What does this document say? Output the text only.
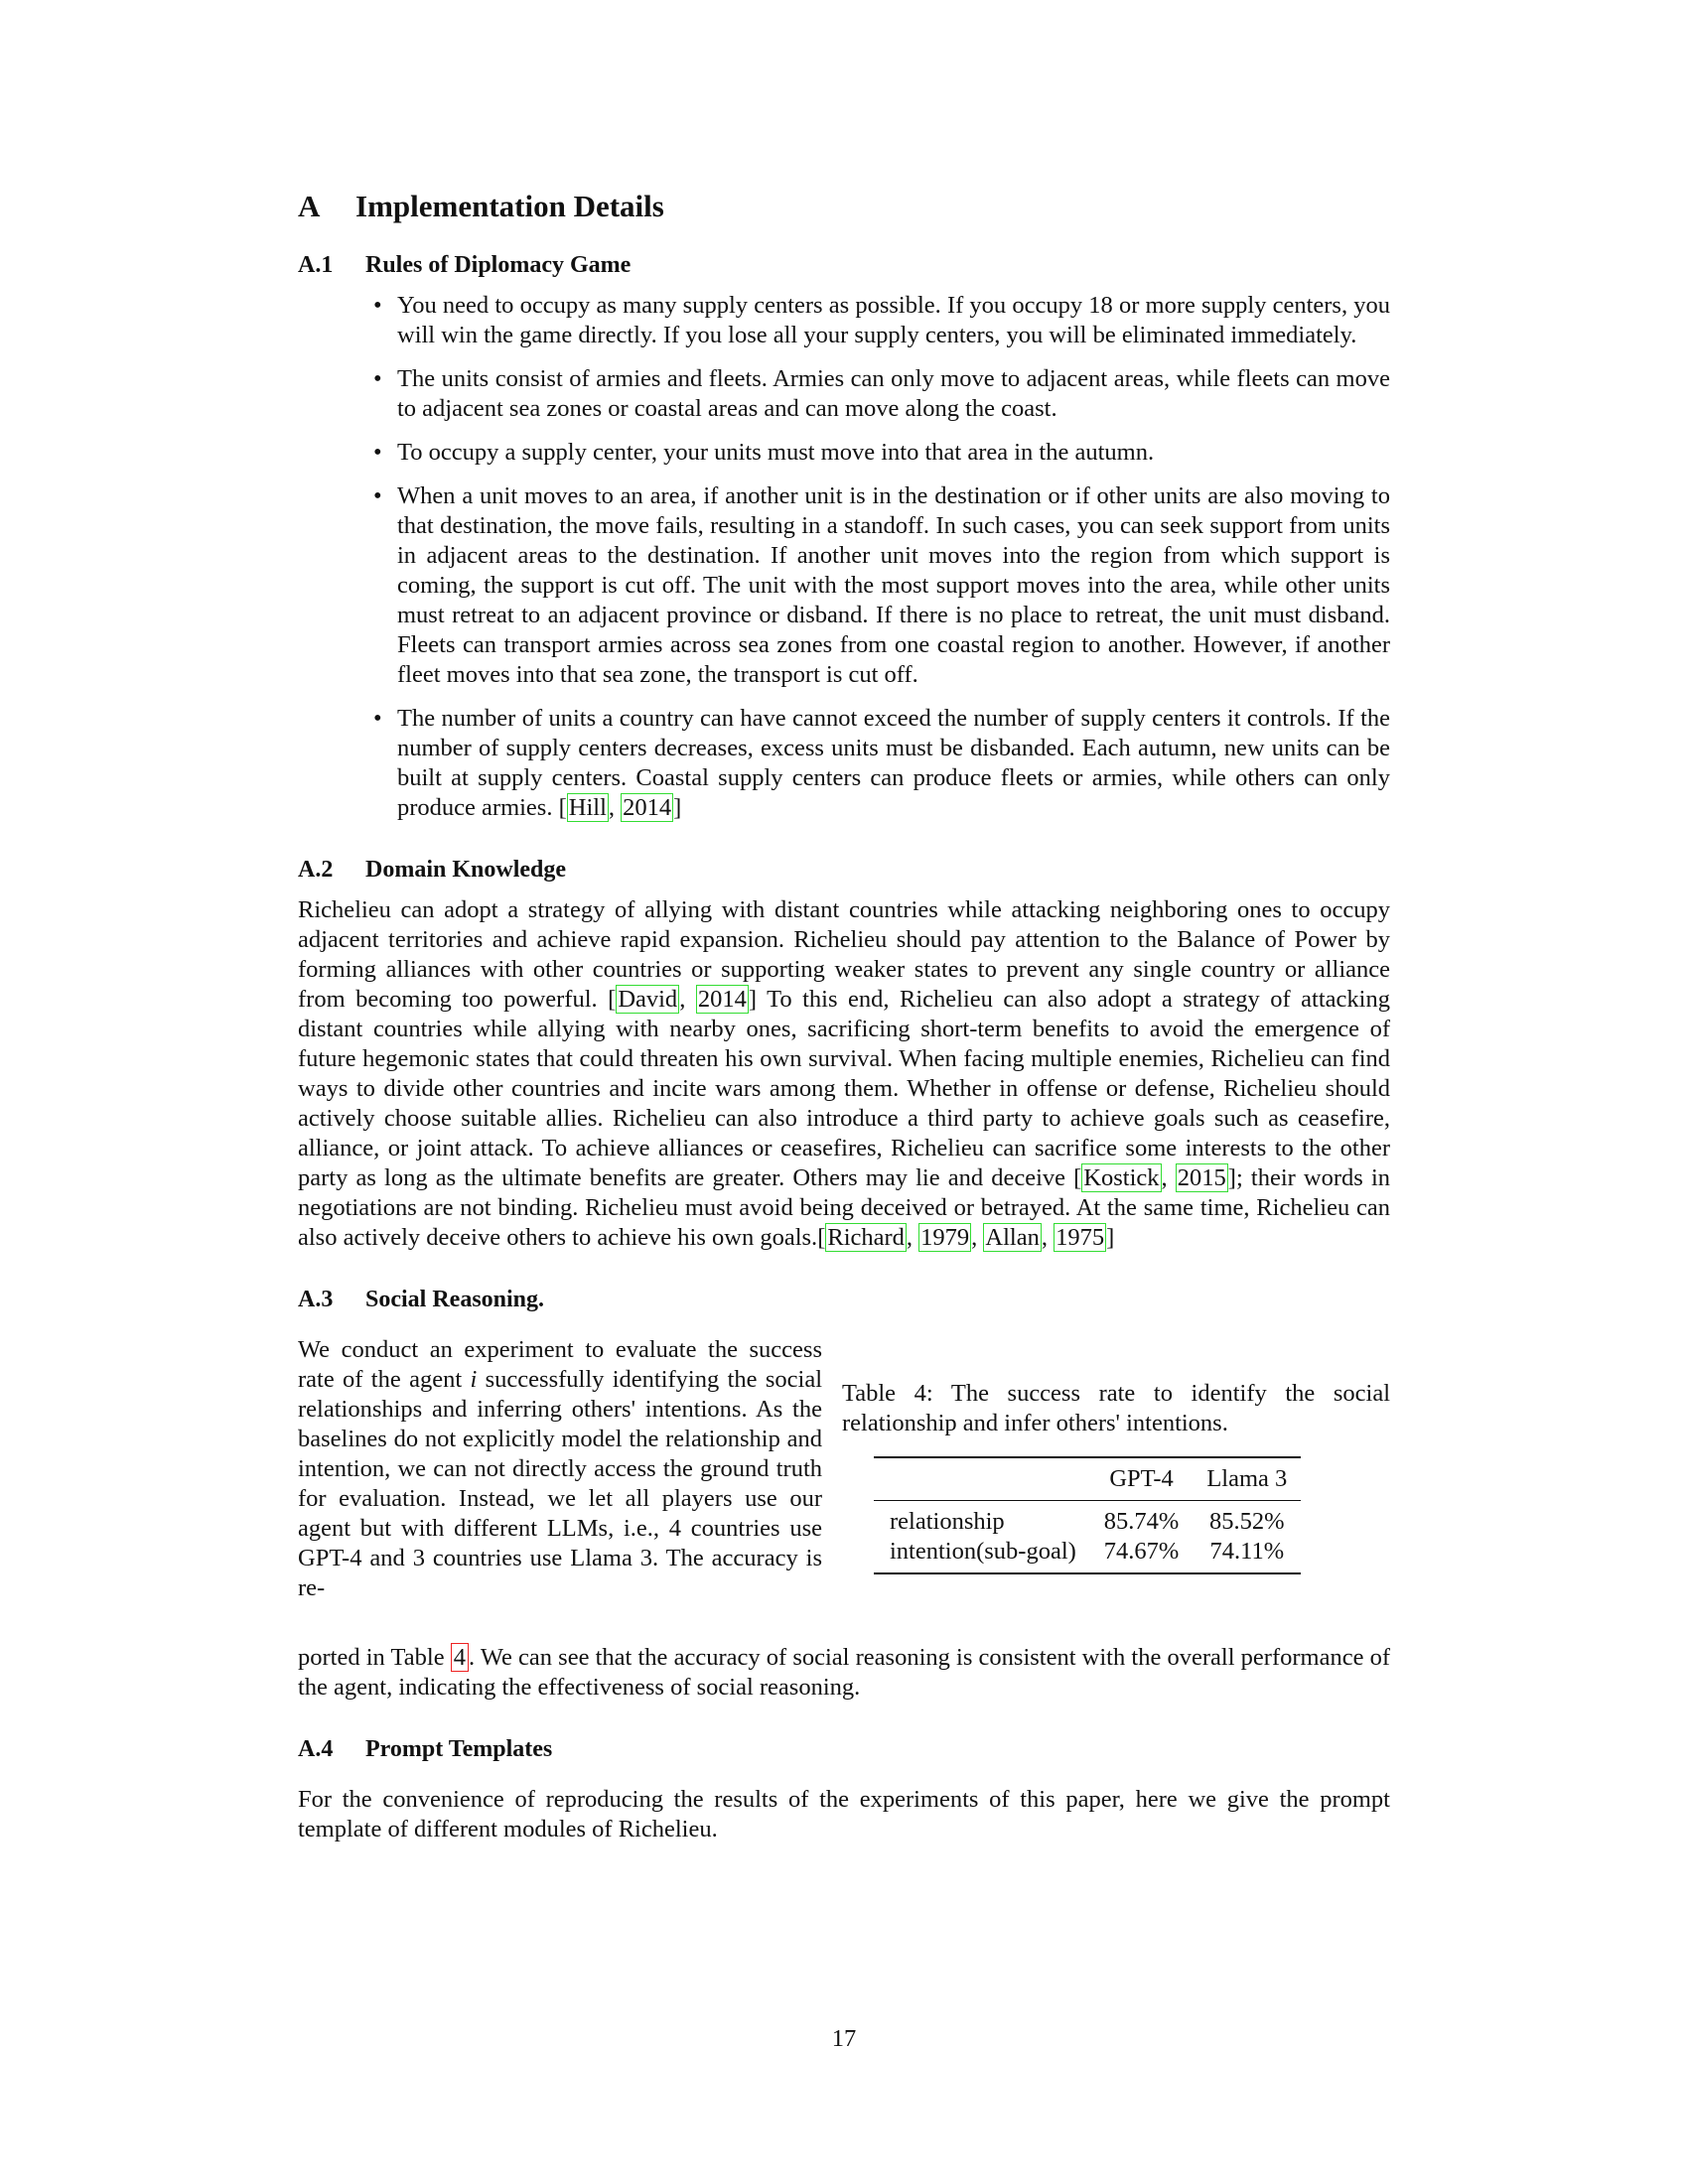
A	Implementation Details
A.1	Rules of Diplomacy Game
• You need to occupy as many supply centers as possible. If you occupy 18 or more supply centers, you will win the game directly. If you lose all your supply centers, you will be eliminated immediately.
• The units consist of armies and fleets. Armies can only move to adjacent areas, while fleets can move to adjacent sea zones or coastal areas and can move along the coast.
• To occupy a supply center, your units must move into that area in the autumn.
• When a unit moves to an area, if another unit is in the destination or if other units are also moving to that destination, the move fails, resulting in a standoff. In such cases, you can seek support from units in adjacent areas to the destination. If another unit moves into the region from which support is coming, the support is cut off. The unit with the most support moves into the area, while other units must retreat to an adjacent province or disband. If there is no place to retreat, the unit must disband. Fleets can transport armies across sea zones from one coastal region to another. However, if another fleet moves into that sea zone, the transport is cut off.
• The number of units a country can have cannot exceed the number of supply centers it controls. If the number of supply centers decreases, excess units must be disbanded. Each autumn, new units can be built at supply centers. Coastal supply centers can produce fleets or armies, while others can only produce armies. [Hill, 2014]
A.2	Domain Knowledge

Richelieu can adopt a strategy of allying with distant countries while attacking neighboring ones to occupy adjacent territories and achieve rapid expansion. Richelieu should pay attention to the Balance of Power by forming alliances with other countries or supporting weaker states to prevent any single country or alliance from becoming too powerful. [David, 2014] To this end, Richelieu can also adopt a strategy of attacking distant countries while allying with nearby ones, sacrificing short-term benefits to avoid the emergence of future hegemonic states that could threaten his own survival. When facing multiple enemies, Richelieu can find ways to divide other countries and incite wars among them. Whether in offense or defense, Richelieu should actively choose suitable allies. Richelieu can also introduce a third party to achieve goals such as ceasefire, alliance, or joint attack. To achieve alliances or ceasefires, Richelieu can sacrifice some interests to the other party as long as the ultimate benefits are greater. Others may lie and deceive [Kostick, 2015]; their words in negotiations are not binding. Richelieu must avoid being deceived or betrayed. At the same time, Richelieu can also actively deceive others to achieve his own goals.[Richard, 1979, Allan, 1975]

A.3	Social Reasoning.
We conduct an experiment to evaluate the success rate of the agent i successfully identifying the social relationships and inferring others' intentions. As the baselines do not explicitly model the relationship and intention, we can not directly access the ground truth for evaluation. Instead, we let all players use our agent but with different LLMs, i.e., 4 countries use GPT-4 and 3 countries use Llama 3. The accuracy is re-

Table 4: The success rate to identify the social relationship and infer others' intentions.

	GPT-4	Llama 3
relationship	85.74%	85.52%
intention(sub-goal)	74.67%	74.11%

ported in Table 4 . We can see that the accuracy of social reasoning is consistent with the overall performance of the agent, indicating the effectiveness of social reasoning.

A.4	Prompt Templates

For the convenience of reproducing the results of the experiments of this paper, here we give the prompt template of different modules of Richelieu.

17
